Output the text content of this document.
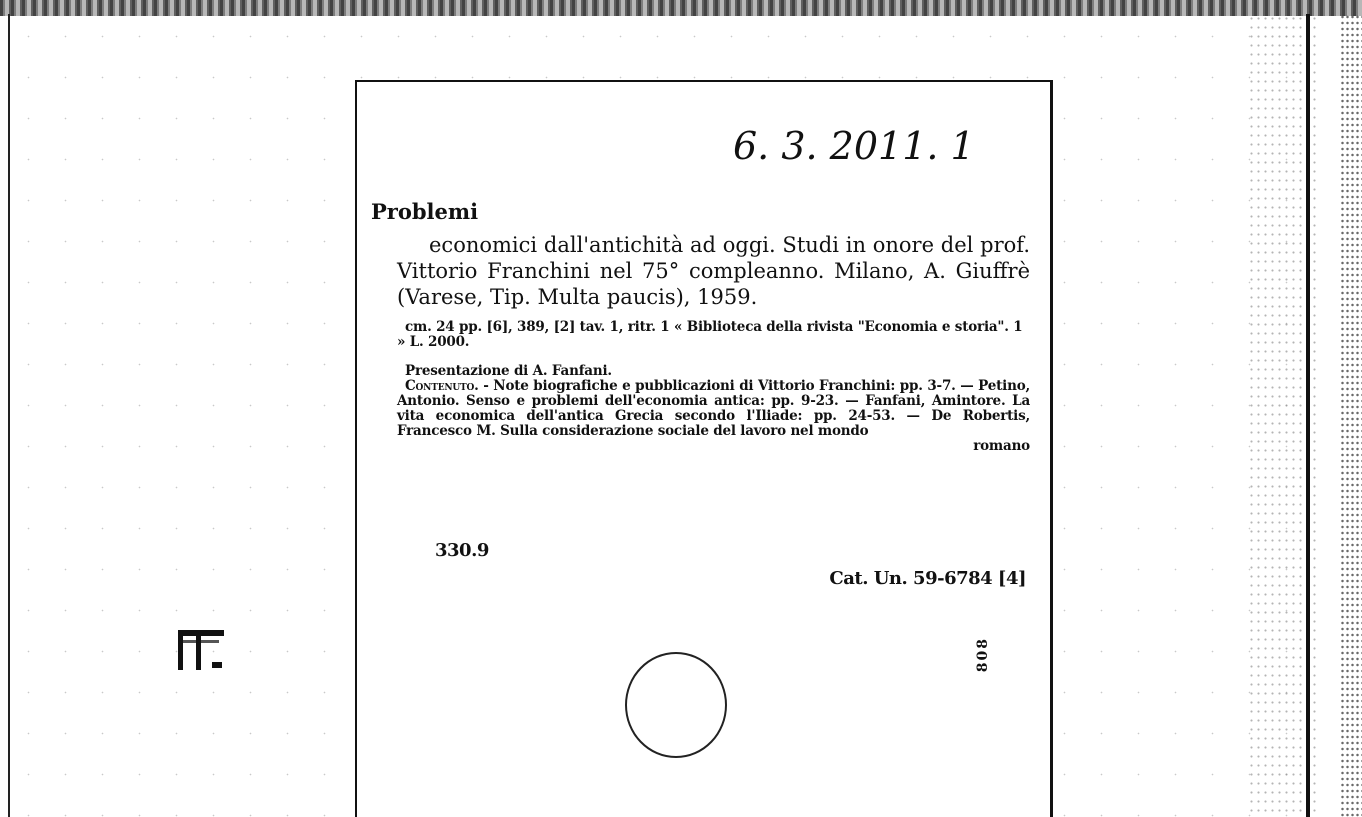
6. 3. 2011. 1
Problemi

economici dall'antichità ad oggi. Studi in onore del prof. Vittorio Franchini nel 75° compleanno. Milano, A. Giuffrè (Varese, Tip. Multa paucis), 1959.

cm. 24 pp. [6], 389, [2] tav. 1, ritr. 1 « Biblioteca della rivista "Economia e storia". 1 » L. 2000.

Presentazione di A. Fanfani.

Contenuto. - Note biografiche e pubblicazioni di Vittorio Franchini: pp. 3-7. — Petino, Antonio. Senso e problemi dell'economia antica: pp. 9-23. — Fanfani, Amintore. La vita economica dell'antica Grecia secondo l'Iliade: pp. 24-53. — De Robertis, Francesco M. Sulla considerazione sociale del lavoro nel mondo

romano

330.9
Cat. Un. 59-6784 [4]
808
